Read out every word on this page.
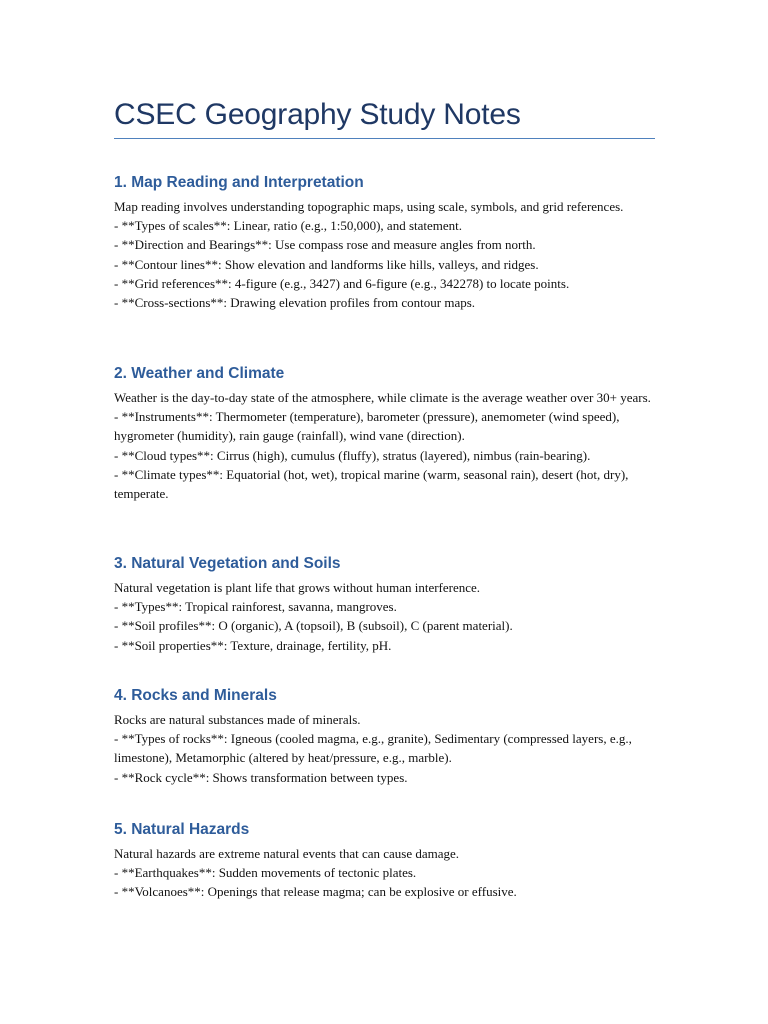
CSEC Geography Study Notes
1. Map Reading and Interpretation

Map reading involves understanding topographic maps, using scale, symbols, and grid references.

- **Types of scales**: Linear, ratio (e.g., 1:50,000), and statement.

- **Direction and Bearings**: Use compass rose and measure angles from north.

- **Contour lines**: Show elevation and landforms like hills, valleys, and ridges.

- **Grid references**: 4-figure (e.g., 3427) and 6-figure (e.g., 342278) to locate points.

- **Cross-sections**: Drawing elevation profiles from contour maps.

2. Weather and Climate

Weather is the day-to-day state of the atmosphere, while climate is the average weather over 30+ years.

- **Instruments**: Thermometer (temperature), barometer (pressure), anemometer (wind speed), hygrometer (humidity), rain gauge (rainfall), wind vane (direction).

- **Cloud types**: Cirrus (high), cumulus (fluffy), stratus (layered), nimbus (rain-bearing).

- **Climate types**: Equatorial (hot, wet), tropical marine (warm, seasonal rain), desert (hot, dry), temperate.

3. Natural Vegetation and Soils

Natural vegetation is plant life that grows without human interference.

- **Types**: Tropical rainforest, savanna, mangroves.

- **Soil profiles**: O (organic), A (topsoil), B (subsoil), C (parent material).

- **Soil properties**: Texture, drainage, fertility, pH.

4. Rocks and Minerals

Rocks are natural substances made of minerals.

- **Types of rocks**: Igneous (cooled magma, e.g., granite), Sedimentary (compressed layers, e.g., limestone), Metamorphic (altered by heat/pressure, e.g., marble).

- **Rock cycle**: Shows transformation between types.

5. Natural Hazards

Natural hazards are extreme natural events that can cause damage.

- **Earthquakes**: Sudden movements of tectonic plates.

- **Volcanoes**: Openings that release magma; can be explosive or effusive.
